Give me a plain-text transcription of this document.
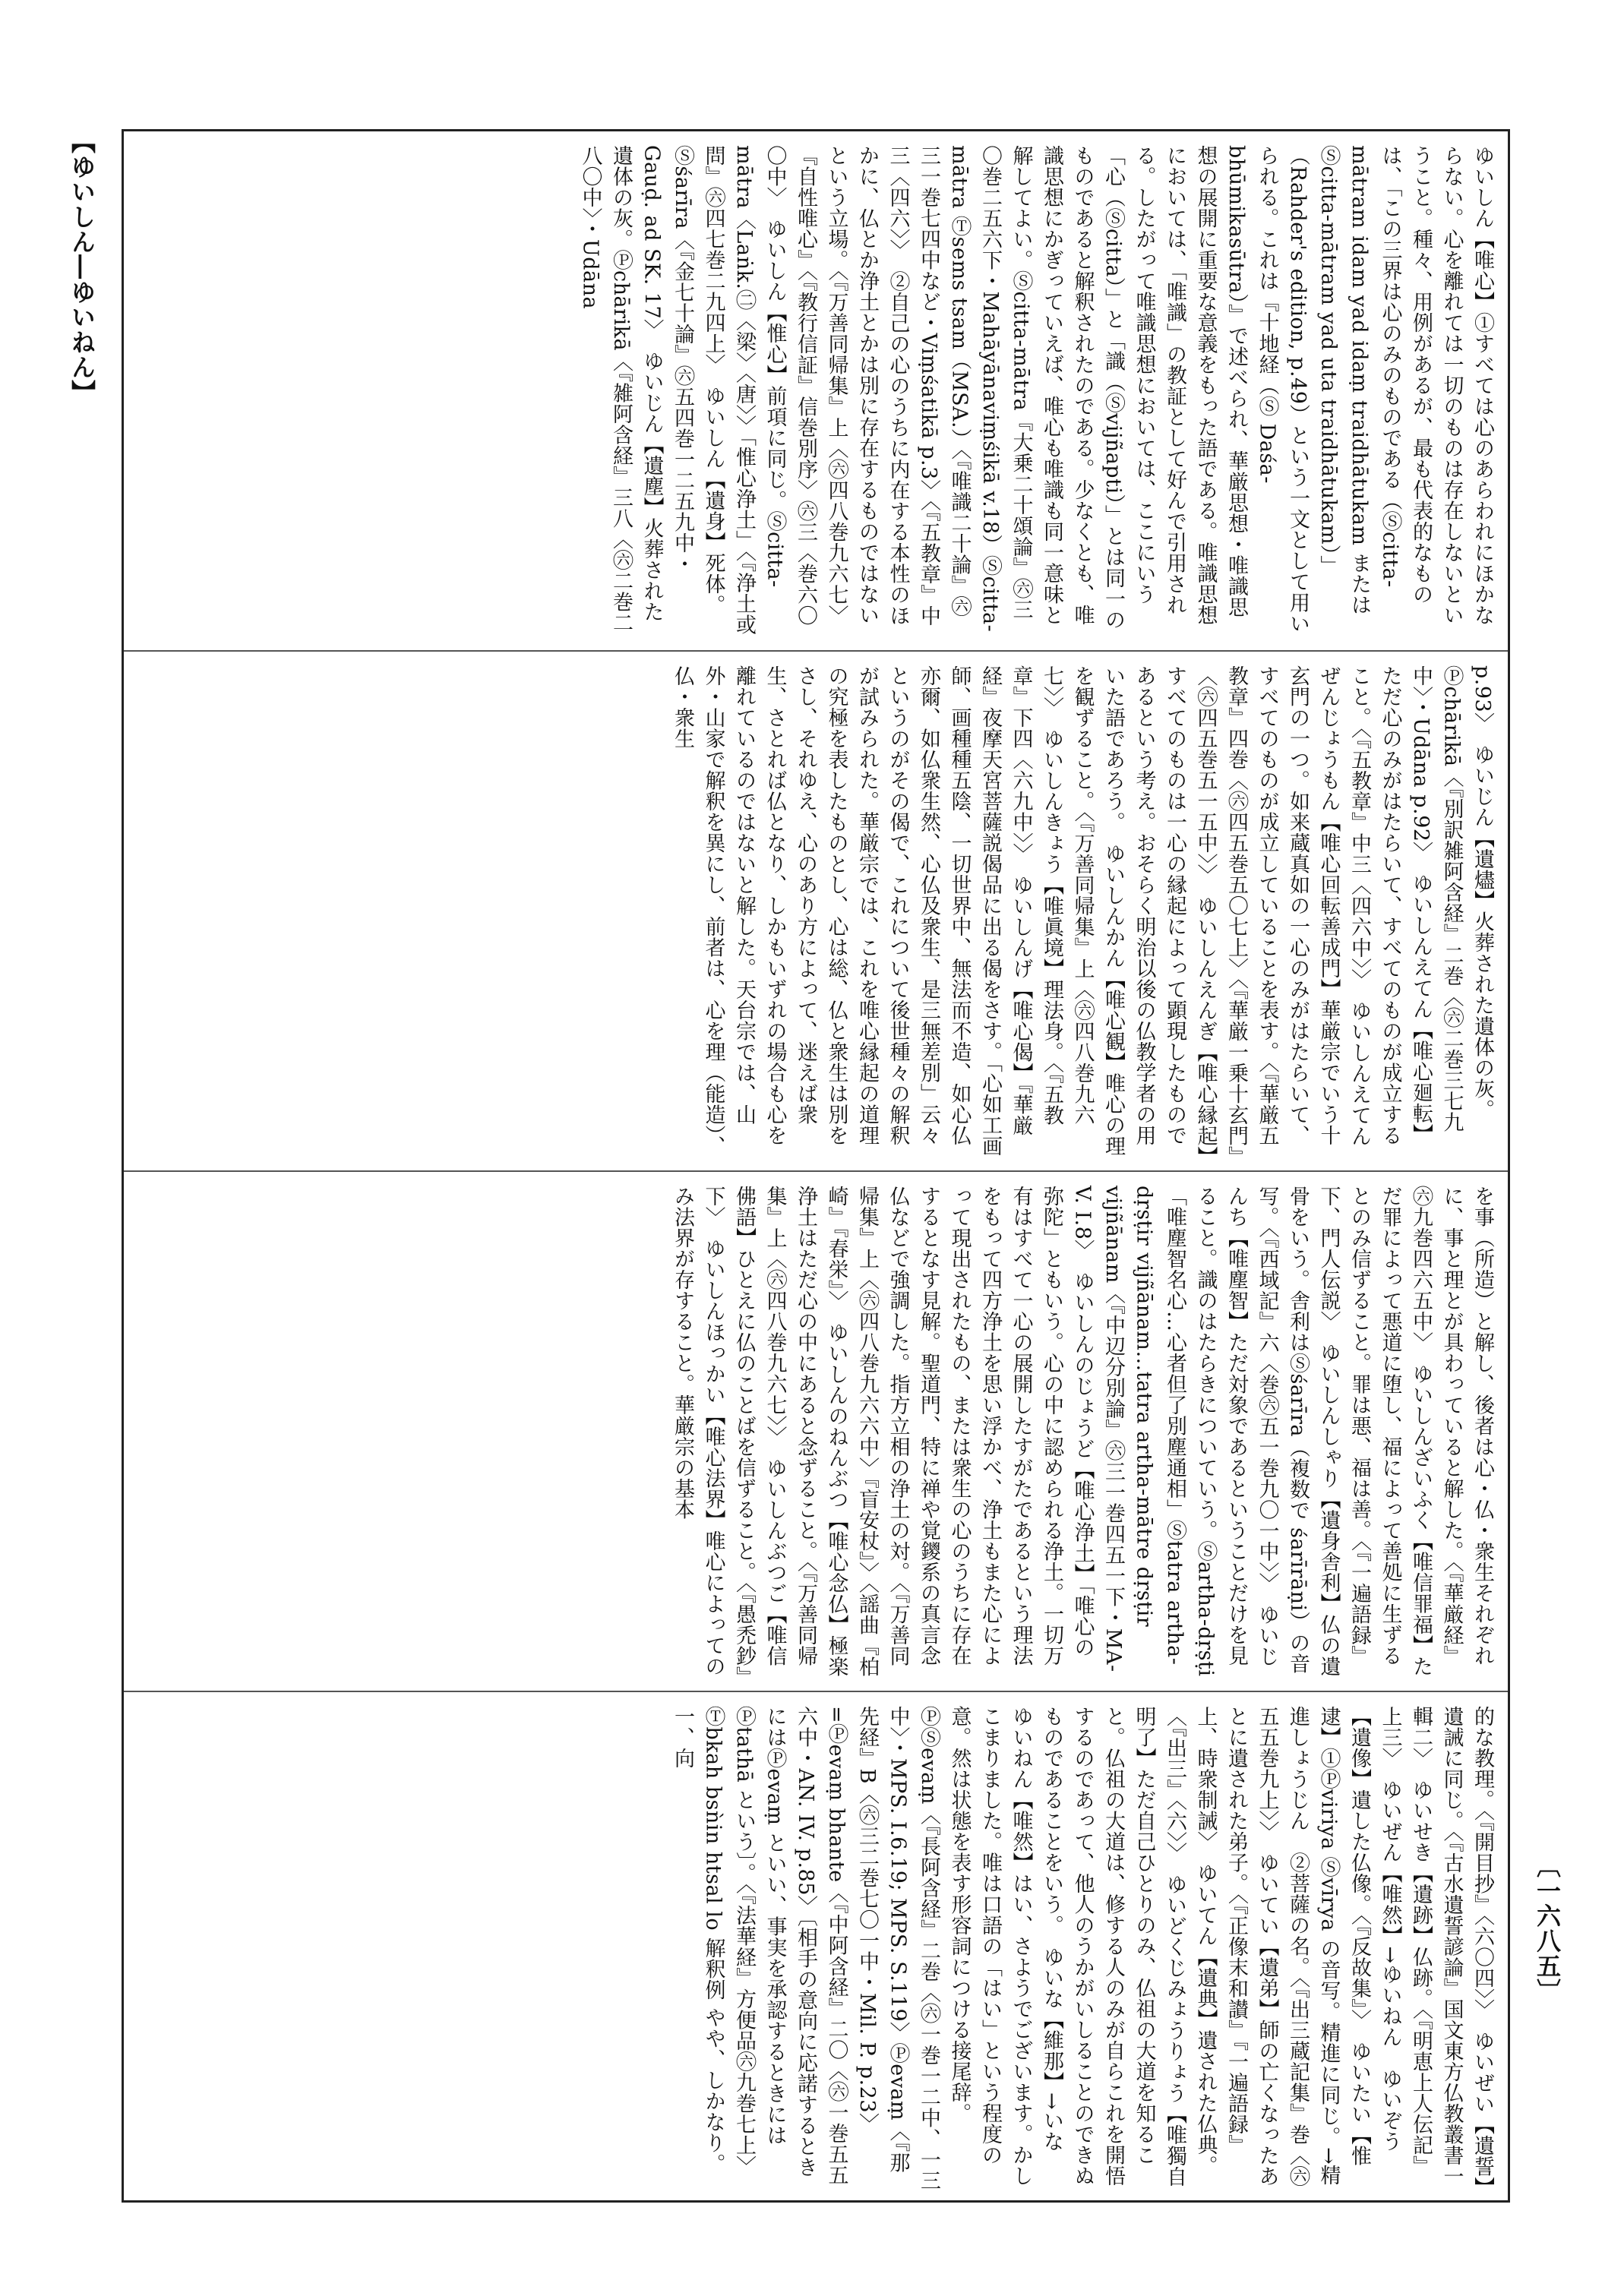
【ゆいしん―ゆいねん】
〔一六八五〕
ゆいしん【唯心】①すべては心のあらわれにほかならない。心を離れては一切のものは存在しないということ。種々、用例があるが、最も代表的なものは、「この三界は心のみのものである（Ⓢcitta-mātram idam yad idaṃ traidhātukam または Ⓢcitta-mātram yad uta traidhātukam）」（Rahder's edition, p.49）という一文として用いられる。これは『十地経（Ⓢ Daśa-bhūmikasūtra）』で述べられ、華厳思想・唯識思想の展開に重要な意義をもった語である。唯識思想においては、「唯識」の教証として好んで引用される。したがって唯識思想においては、ここにいう「心（Ⓢcitta）」と「識（Ⓢvijñapti）」とは同一のものであると解釈されたのである。少なくとも、唯識思想にかぎっていえば、唯心も唯識も同一意味と解してよい。Ⓢcitta-mātra『大乗二十頌論』㊅三〇巻二五六下・Mahāyānaviṃśikā v.18）Ⓢcitta-mātra Ⓣsems tsam（MSA.）〈『唯識二十論』㊅三一巻七四中など・Viṃśatikā p.3〉〈『五教章』中三〈四六〉〉　②自己の心のうちに内在する本性のほかに、仏とか浄土とかは別に存在するものではないという立場。〈『万善同帰集』上〈㊅四八巻九六七〉『自性唯心』〈『教行信証』信巻別序〉㊅三〈巻六〇〇中〉　ゆいしん【惟心】前項に同じ。Ⓢcitta-mātra〈Laṅk.㊁〈梁〉〈唐〉〉「惟心浄土」〈『浄土或問』㊅四七巻二九四上〉　ゆいしん【遺身】死体。Ⓢśarīra〈『金七十論』㊅五四巻一二五九中・Gauḍ. ad SK. 17〉　ゆいじん【遺塵】火葬された遺体の灰。Ⓟchārikā〈『雑阿含経』三八〈㊅二巻二八〇中〉・Udāna
p.93〉　ゆいじん【遺燼】火葬された遺体の灰。Ⓟchārikā〈『別訳雑阿含経』二巻〈㊅二巻三七九中〉・Udāna p.92〉　ゆいしんえてん【唯心廻転】ただ心のみがはたらいて、すべてのものが成立すること。〈『五教章』中三〈四六中〉〉　ゆいしんえてんぜんじょうもん【唯心回転善成門】華厳宗でいう十玄門の一つ。如来蔵真如の一心のみがはたらいて、すべてのものが成立していることを表す。〈『華厳五教章』四巻〈㊅四五巻五〇七上〉〈『華厳一乗十玄門』〈㊅四五巻五一五中〉〉　ゆいしんえんぎ【唯心縁起】すべてのものは一心の縁起によって顕現したものであるという考え。おそらく明治以後の仏教学者の用いた語であろう。　ゆいしんかん【唯心観】唯心の理を観ずること。〈『万善同帰集』上〈㊅四八巻九六七〉〉　ゆいしんきょう【唯眞境】理法身。〈『五教章』下四〈六九中〉〉　ゆいしんげ【唯心偈】『華厳経』夜摩天宮菩薩説偈品に出る偈をさす。「心如工画師、画種種五陰、一切世界中、無法而不造、如心仏亦爾、如仏衆生然、心仏及衆生、是三無差別」云々というのがその偈で、これについて後世種々の解釈が試みられた。華厳宗では、これを唯心縁起の道理の究極を表したものとし、心は総、仏と衆生は別をさし、それゆえ、心のあり方によって、迷えば衆生、さとれば仏となり、しかもいずれの場合も心を離れているのではないと解した。天台宗では、山外・山家で解釈を異にし、前者は、心を理（能造）、仏・衆生
を事（所造）と解し、後者は心・仏・衆生それぞれに、事と理とが具わっていると解した。〈『華厳経』㊅九巻四六五中〉　ゆいしんざいふく【唯信罪福】ただ罪によって悪道に堕し、福によって善処に生ずるとのみ信ずること。罪は悪、福は善。〈『一遍語録』下、門人伝説〉　ゆいしんしゃり【遺身舎利】仏の遺骨をいう。舎利はⓈśarīra（複数で śarīrāṇi）の音写。〈『西域記』六〈巻㊅五一巻九〇一中〉〉　ゆいじんち【唯塵智】ただ対象であるということだけを見ること。識のはたらきについていう。Ⓢartha-dṛṣṭi「唯塵智名心…心者但了別塵通相」Ⓢtatra artha-dṛṣṭir vijñānam…tatra artha-mātre dṛṣṭir vijñānam〈『中辺分別論』㊅三一巻四五一下・MA-V. I.8〉　ゆいしんのじょうど【唯心浄土】「唯心の弥陀」ともいう。心の中に認められる浄土。一切万有はすべて一心の展開したすがたであるという理法をもって四方浄土を思い浮かべ、浄土もまた心によって現出されたもの、または衆生の心のうちに存在するとなす見解。聖道門、特に禅や覚鑁系の真言念仏などで強調した。指方立相の浄土の対。〈『万善同帰集』上〈㊅四八巻九六六中〉『盲安杖』〉〈謡曲『柏崎』『春栄』〉　ゆいしんのねんぶつ【唯心念仏】極楽浄土はただ心の中にあると念ずること。〈『万善同帰集』上〈㊅四八巻九六七〉〉　ゆいしんぶつご【唯信佛語】ひとえに仏のことばを信ずること。〈『愚禿鈔』下〉　ゆいしんほっかい【唯心法界】唯心によってのみ法界が存すること。華厳宗の基本
的な教理。〈『開目抄』〈六〇四〉〉　ゆいぜい【遺誓】遺誡に同じ。〈『古水遺誓諺論』国文東方仏教叢書一輯二〉　ゆいせき【遺跡】仏跡。〈『明恵上人伝記』上三〉　ゆいぜん【唯然】→ゆいねん　ゆいぞう【遺像】遺した仏像。〈『反故集』〉　ゆいたい【惟逮】①Ⓟviriya Ⓢvīrya の音写。精進に同じ。→精進しょうじん　②菩薩の名。〈『出三蔵記集』巻〈㊅五五巻九上〉〉　ゆいてい【遺弟】師の亡くなったあとに遺された弟子。〈『正像末和讃』『一遍語録』上、時衆制誡〉　ゆいてん【遺典】遺された仏典。〈『出三』〈六〉〉　ゆいどくじみょうりょう【唯獨自明了】ただ自己ひとりのみ、仏祖の大道を知ること。仏祖の大道は、修する人のみが自らこれを開悟するのであって、他人のうかがいしることのできぬものであることをいう。　ゆいな【維那】→いな　ゆいねん【唯然】はい、さようでございます。かしこまりました。唯は口語の「はい」という程度の意。然は状態を表す形容詞につける接尾辞。ⓅⓈevaṃ〈『長阿含経』二巻〈㊅一巻一二中、一三中〉・MPS. I.6.19; MPS. S.119〉Ⓟevaṃ〈『那先経』B〈㊅三二巻七〇一中・Mil. P. p.23〉=Ⓟevaṃ bhante〈『中阿含経』二〇〈㊅一巻五五六中・AN. IV. p.85〉〔相手の意向に応諾するときにはⓅevaṃ といい、事実を承認するときにはⓅtathā という〕。〈『法華経』方便品㊅九巻七上〉Ⓣbkah bsǹin htsal lo 解釈例 やや、しかなり。一、向
